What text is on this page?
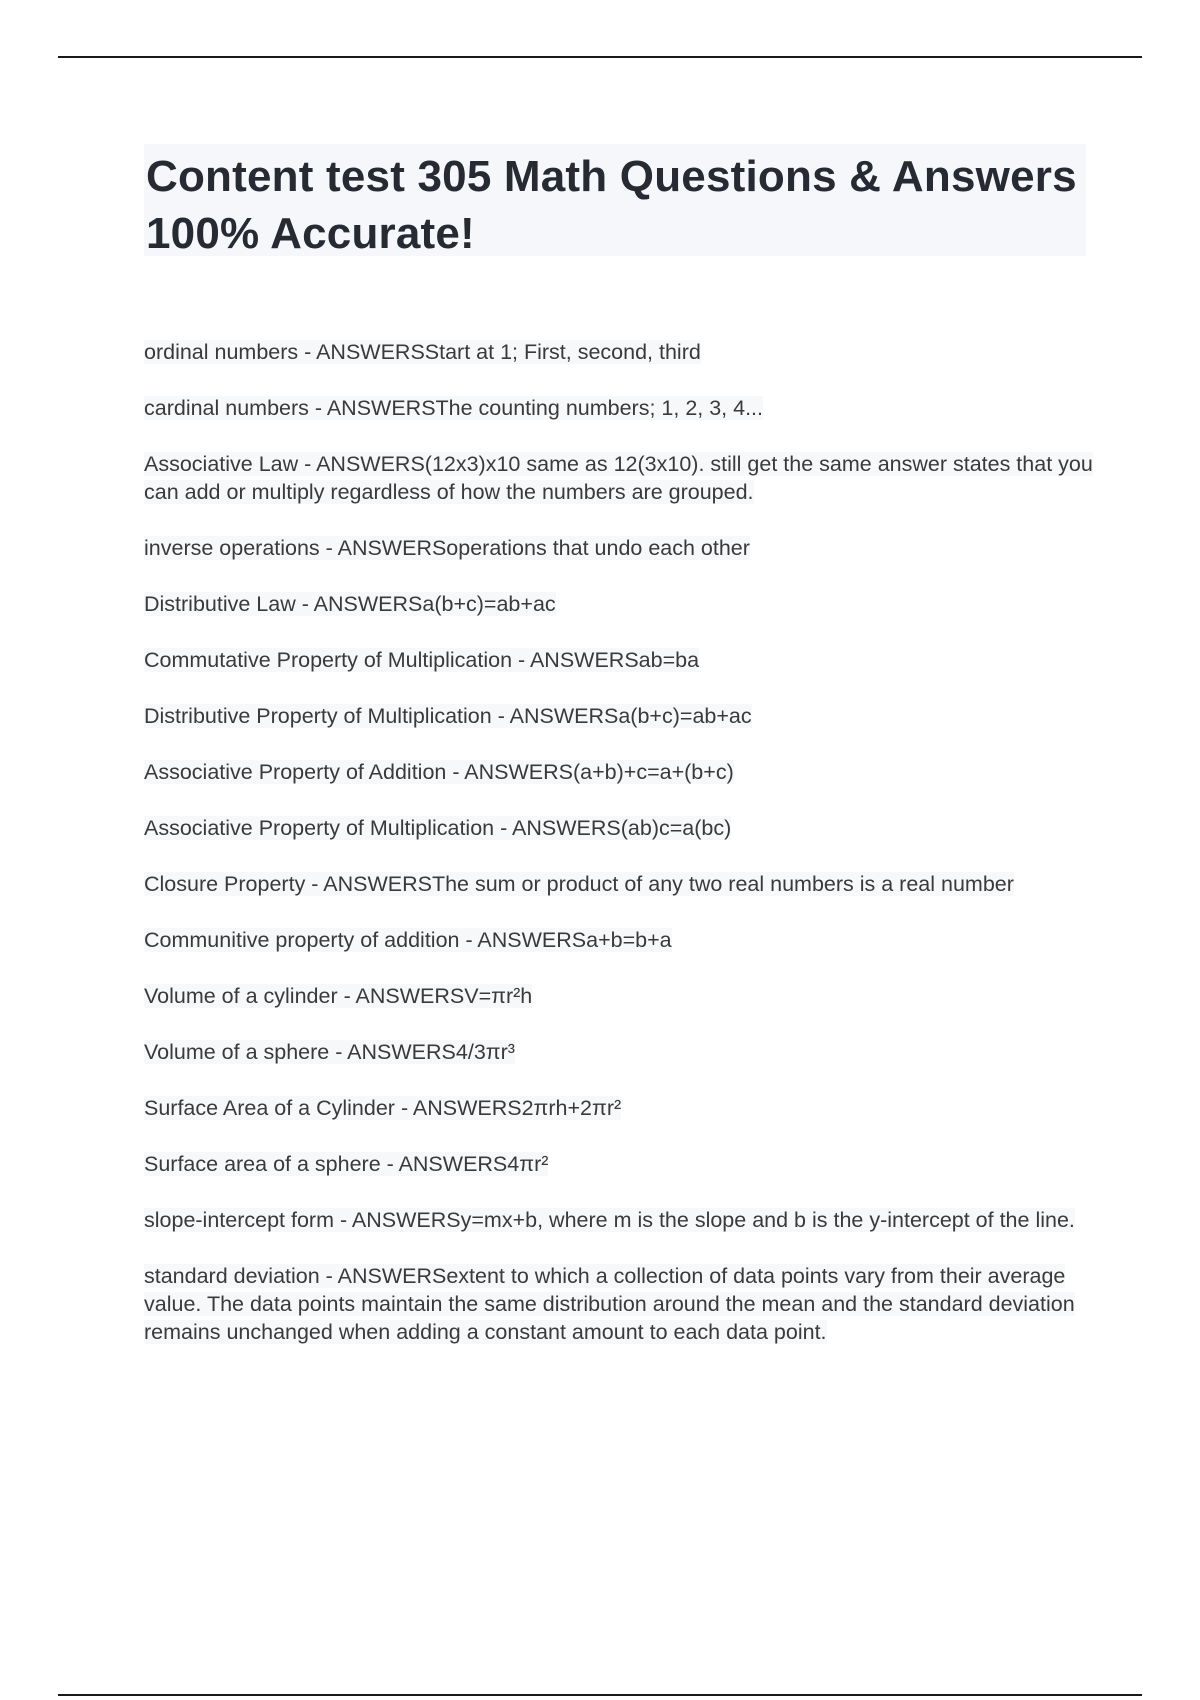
Content test 305 Math Questions & Answers 100% Accurate!
ordinal numbers - ANSWERSStart at 1; First, second, third
cardinal numbers - ANSWERSThe counting numbers; 1, 2, 3, 4...
Associative Law - ANSWERS(12x3)x10 same as 12(3x10). still get the same answer states that you can add or multiply regardless of how the numbers are grouped.
inverse operations - ANSWERSoperations that undo each other
Distributive Law - ANSWERSa(b+c)=ab+ac
Commutative Property of Multiplication - ANSWERSab=ba
Distributive Property of Multiplication - ANSWERSa(b+c)=ab+ac
Associative Property of Addition - ANSWERS(a+b)+c=a+(b+c)
Associative Property of Multiplication - ANSWERS(ab)c=a(bc)
Closure Property - ANSWERSThe sum or product of any two real numbers is a real number
Communitive property of addition - ANSWERSa+b=b+a
Volume of a cylinder - ANSWERSV=πr²h
Volume of a sphere - ANSWERS4/3πr³
Surface Area of a Cylinder - ANSWERS2πrh+2πr²
Surface area of a sphere - ANSWERS4πr²
slope-intercept form - ANSWERSy=mx+b, where m is the slope and b is the y-intercept of the line.
standard deviation - ANSWERSextent to which a collection of data points vary from their average value. The data points maintain the same distribution around the mean and the standard deviation remains unchanged when adding a constant amount to each data point.
